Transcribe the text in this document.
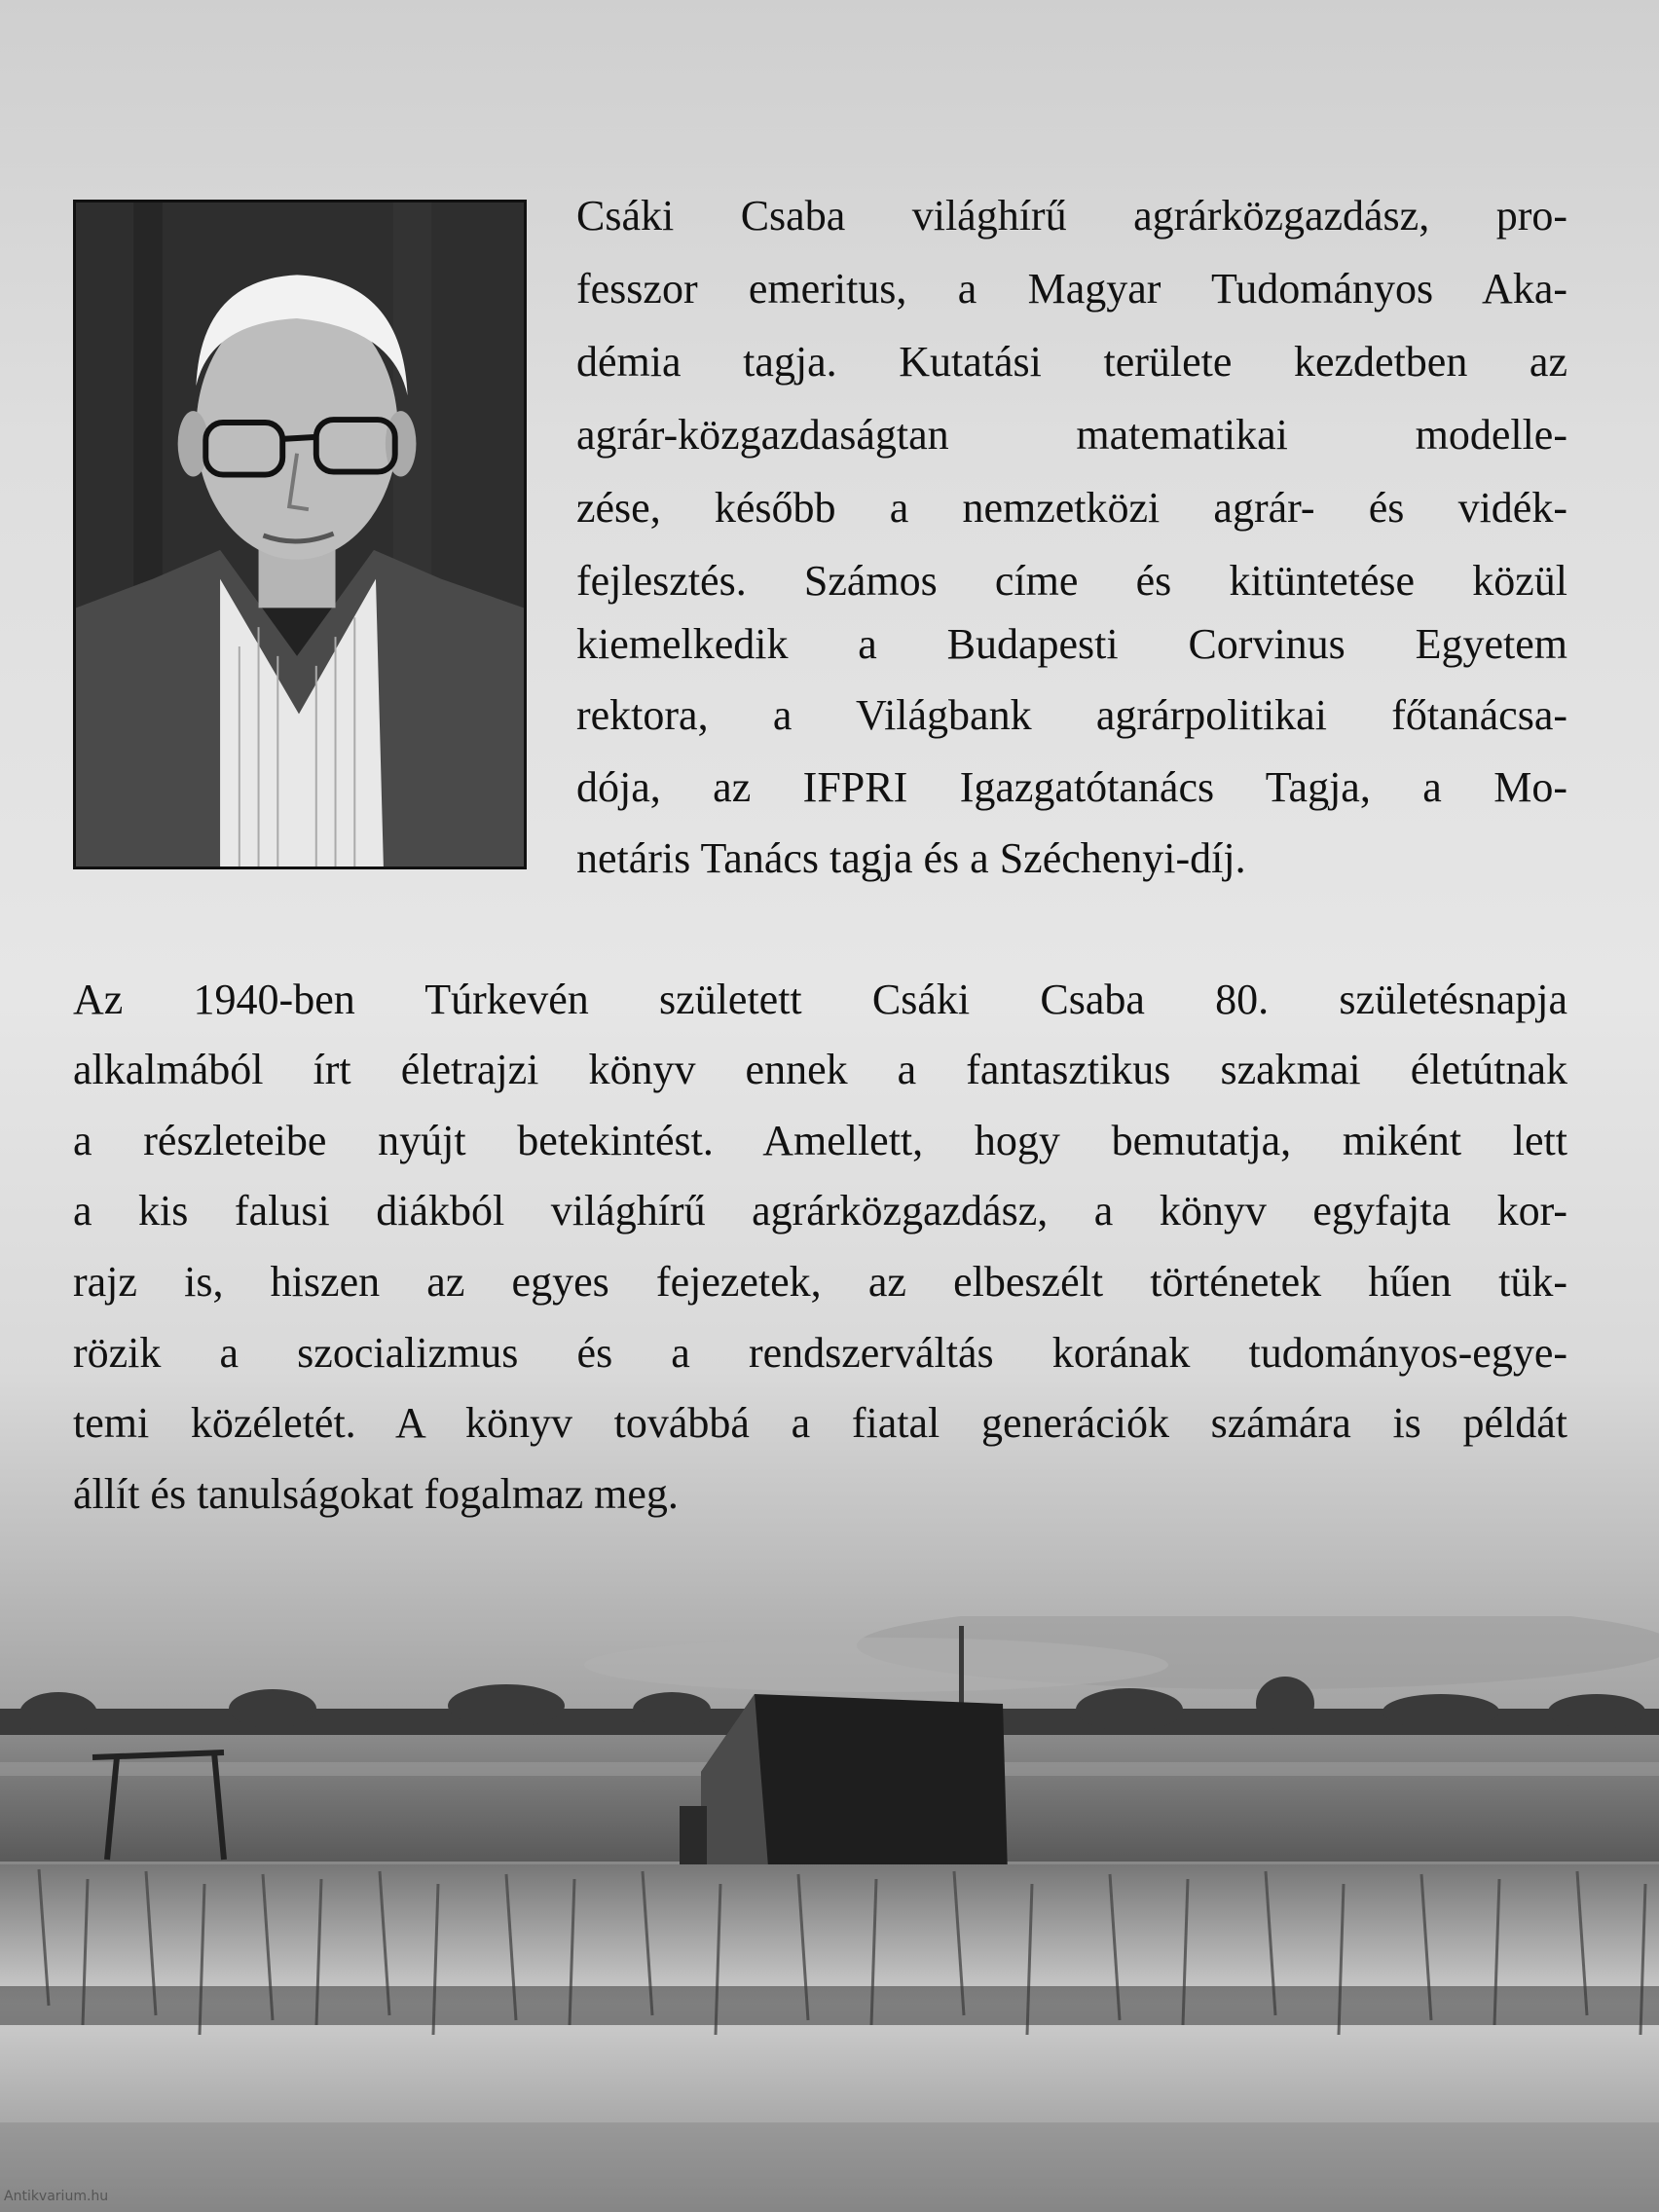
Csáki Csaba világhírű agrárközgazdász, pro-
fesszor emeritus, a Magyar Tudományos Aka-
démia tagja. Kutatási területe kezdetben az
agrár-közgazdaságtan matematikai modelle-
zése, később a nemzetközi agrár- és vidék-
fejlesztés. Számos címe és kitüntetése közül
kiemelkedik a Budapesti Corvinus Egyetem
rektora, a Világbank agrárpolitikai főtanácsa-
dója, az IFPRI Igazgatótanács Tagja, a Mo-
netáris Tanács tagja és a Széchenyi-díj.
Az 1940-ben Túrkevén született Csáki Csaba 80. születésnapja
alkalmából írt életrajzi könyv ennek a fantasztikus szakmai életútnak
a részleteibe nyújt betekintést. Amellett, hogy bemutatja, miként lett
a kis falusi diákból világhírű agrárközgazdász, a könyv egyfajta kor-
rajz is, hiszen az egyes fejezetek, az elbeszélt történetek hűen tük-
rözik a szocializmus és a rendszerváltás korának tudományos-egye-
temi közéletét. A könyv továbbá a fiatal generációk számára is példát
állít és tanulságokat fogalmaz meg.
Antikvarium.hu
